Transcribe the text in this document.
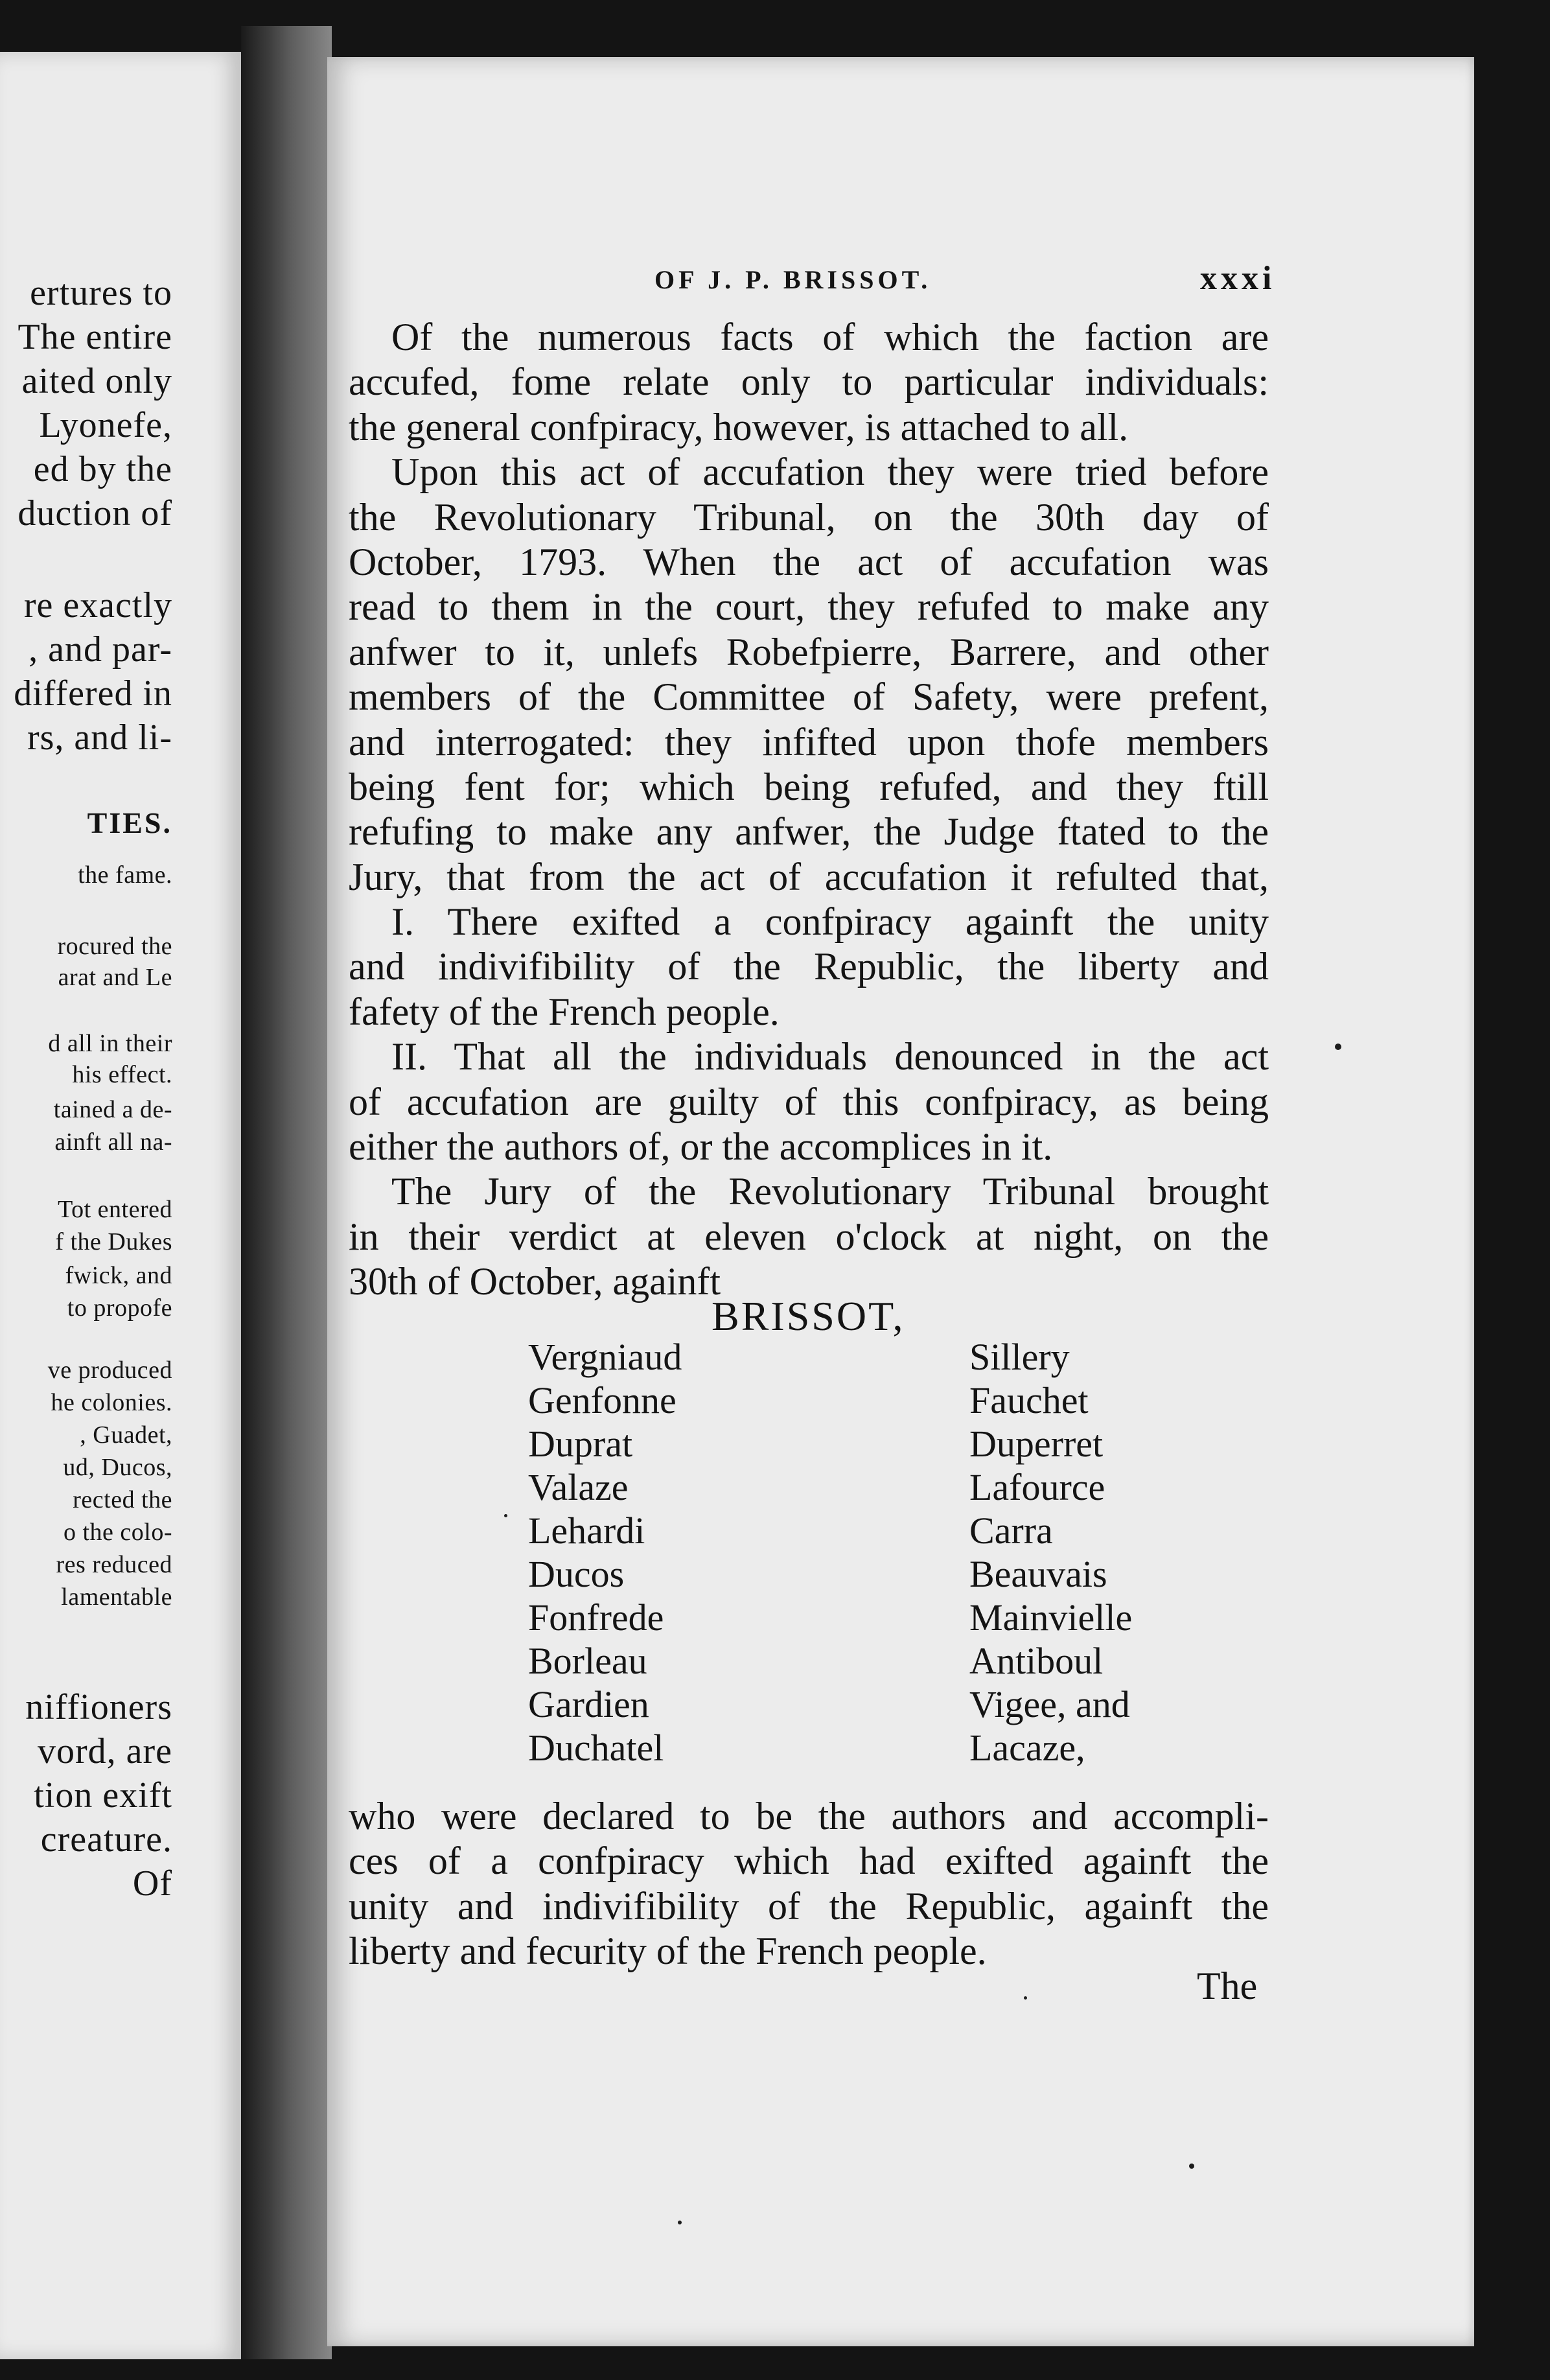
ertures to
The entire
aited only
Lyonefe,
ed by the
duction of
re exactly
, and par-
differed in
rs, and li-
TIES.
the fame.
rocured the
arat and Le
d all in their
his effect.
tained a de-
ainft all na-
Tot entered
f the Dukes
fwick, and
to propofe
ve produced
he colonies.
, Guadet,
ud, Ducos,
rected the
o the colo-
res reduced
lamentable
niffioners
vord, are
tion exift
creature.
Of
OF J. P. BRISSOT.	xxxi
Of the numerous facts of which the faction are
accufed, fome relate only to particular individuals:
the general confpiracy, however, is attached to all.
Upon this act of accufation they were tried before
the Revolutionary Tribunal, on the 30th day of
October, 1793. When the act of accufation was
read to them in the court, they refufed to make any
anfwer to it, unlefs Robefpierre, Barrere, and other
members of the Committee of Safety, were prefent,
and interrogated: they infifted upon thofe members
being fent for; which being refufed, and they ftill
refufing to make any anfwer, the Judge ftated to the
Jury, that from the act of accufation it refulted that,
I. There exifted a confpiracy againft the unity
and indivifibility of the Republic, the liberty and
fafety of the French people.
II. That all the individuals denounced in the act
of accufation are guilty of this confpiracy, as being
either the authors of, or the accomplices in it.
The Jury of the Revolutionary Tribunal brought
in their verdict at eleven o'clock at night, on the
30th of October, againft
BRISSOT,
Vergniaud
Genfonne
Duprat
Valaze
Lehardi
Ducos
Fonfrede
Borleau
Gardien
Duchatel
Sillery
Fauchet
Duperret
Lafource
Carra
Beauvais
Mainvielle
Antiboul
Vigee, and
Lacaze,
who were declared to be the authors and accompli-
ces of a confpiracy which had exifted againft the
unity and indivifibility of the Republic, againft the
liberty and fecurity of the French people.
The
